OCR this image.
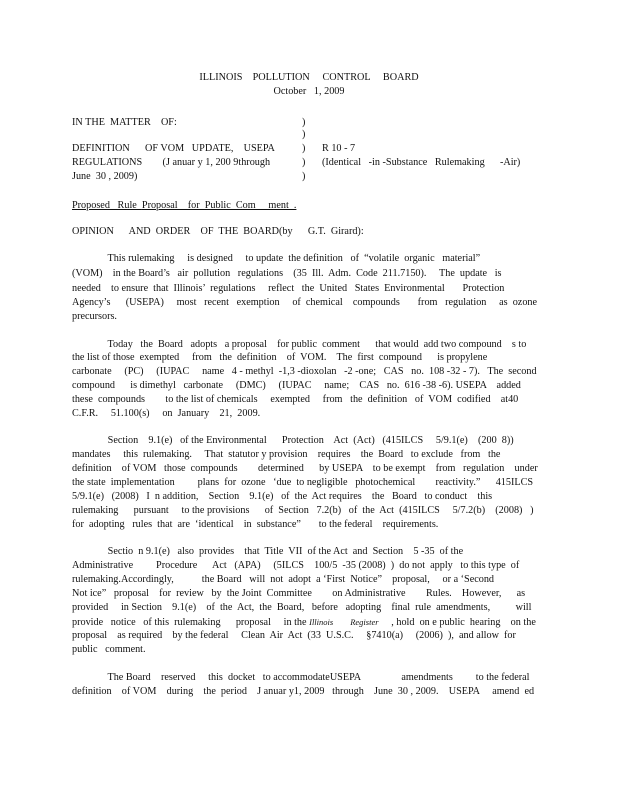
ILLINOIS    POLLUTION     CONTROL     BOARD
October   1, 2009
IN THE  MATTER    OF:	)
)
DEFINITION      OF VOM   UPDATE,    USEPA	) R 10 - 7
REGULATIONS        (J anuar y 1, 200 9through	) (Identical   -in -Substance   Rulemaking      -Air)
June  30 , 2009)	)
Proposed   Rule  Proposal    for  Public  Com     ment  .
OPINION      AND  ORDER    OF  THE  BOARD(by      G.T.  Girard):
This rulemaking     is designed     to update  the definition   of  “volatile  organic   material”
(VOM)    in the Board’s   air  pollution   regulations    (35  Ill.  Adm.  Code  211.7150).     The  update   is
needed    to ensure  that  Illinois’  regulations     reflect   the  United   States  Environmental       Protection
Agency’s      (USEPA)     most   recent   exemption     of  chemical    compounds       from   regulation     as  ozone
precursors.
Today   the  Board   adopts   a proposal    for public  comment      that would  add two compound    s to
the list of those  exempted     from   the  definition    of  VOM.    The  first  compound      is propylene
carbonate     (PC)     (IUPAC     name   4 - methyl  -1,3 -dioxolan   -2 -one;   CAS   no.  108 -32 - 7).   The  second
compound      is dimethyl   carbonate     (DMC)     (IUPAC     name;    CAS   no.  616 -38 -6). USEPA    added
these  compounds        to the list of chemicals     exempted     from   the  definition   of  VOM  codified    at40
C.F.R.     51.100(s)     on  January    21,  2009.
Section    9.1(e)   of the Environmental      Protection    Act  (Act)   (415ILCS     5/9.1(e)    (200  8))
mandates     this  rulemaking.     That  statutor y provision    requires    the  Board   to exclude   from   the
definition    of VOM   those  compounds        determined      by USEPA    to be exempt    from   regulation    under
the state  implementation         plans  for  ozone   ‘due  to negligible   photochemical        reactivity.”      415ILCS
5/9.1(e)   (2008)   I  n addition,    Section    9.1(e)   of  the  Act requires    the   Board   to conduct    this
rulemaking      pursuant     to the provisions      of  Section   7.2(b)   of  the  Act  (415ILCS     5/7.2(b)    (2008)   )
for  adopting   rules  that  are  ‘identical    in  substance”       to the federal    requirements.
Sectio  n 9.1(e)   also  provides    that  Title  VII  of the Act  and  Section    5 -35  of the
Administrative         Procedure      Act   (APA)     (5ILCS    100/5  -35 (2008)  )  do not  apply   to this type  of
rulemaking.Accordingly,           the Board   will  not  adopt  a ‘First  Notice”    proposal,     or a ‘Second
Not ice”   proposal    for  review   by  the Joint  Committee        on Administrative        Rules.    However,      as
provided     in Section    9.1(e)    of  the  Act,  the  Board,   before   adopting    final  rule  amendments,          will
provide   notice   of this  rulemaking      proposal     in the Illinois        Register     , hold  on e public  hearing    on the
proposal    as required    by the federal     Clean  Air  Act  (33  U.S.C.     §7410(a)     (2006)  ),  and allow  for
public   comment.
The Board    reserved     this  docket   to accommodateUSEPA                amendments         to the federal
definition    of VOM    during    the  period    J anuar y1, 2009   through    June  30 , 2009.    USEPA     amend  ed
